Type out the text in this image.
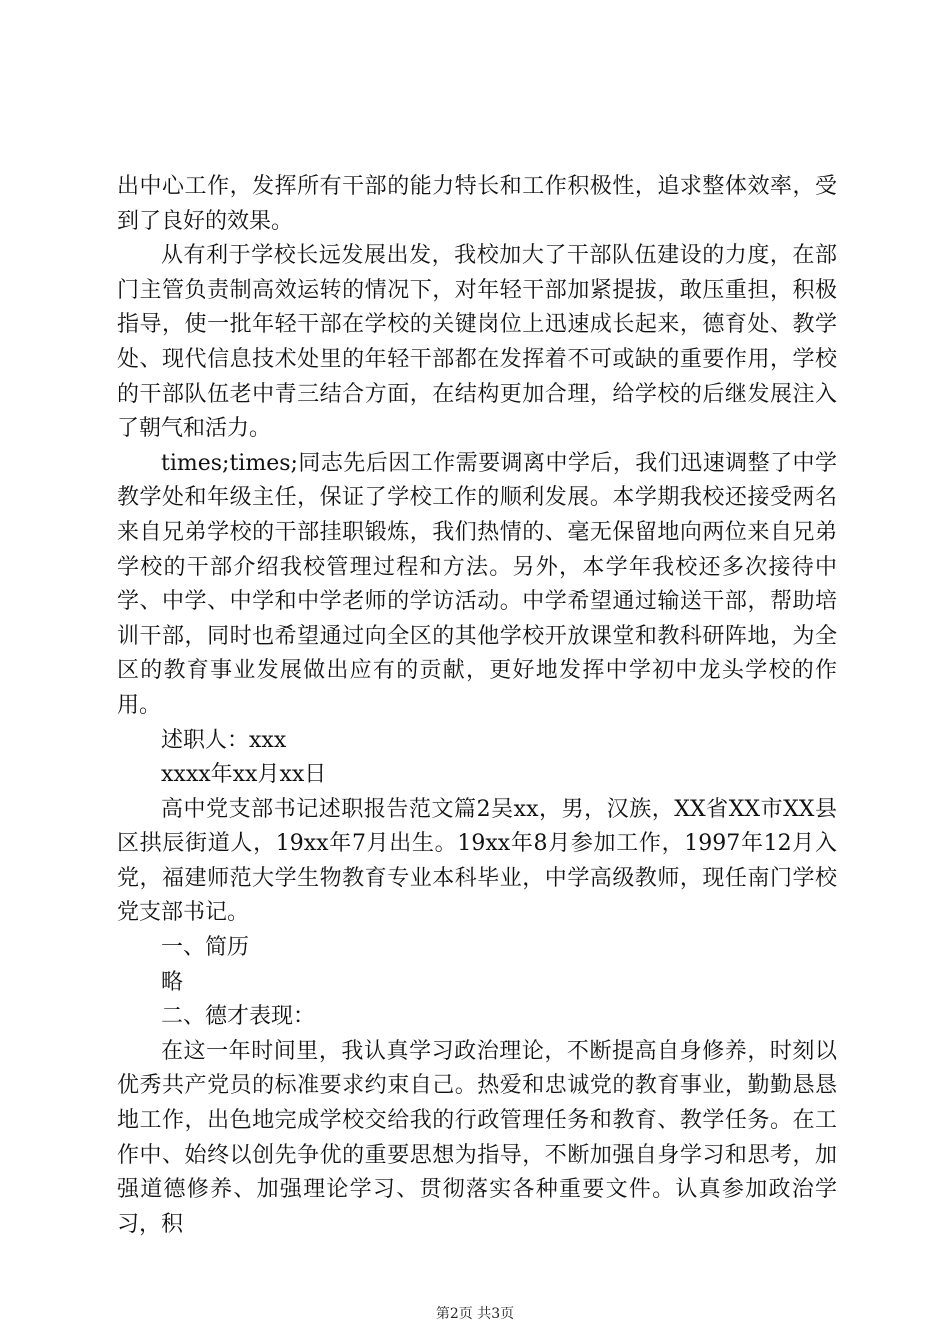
出中心工作，发挥所有干部的能力特长和工作积极性，追求整体效率，受到了良好的效果。

从有利于学校长远发展出发，我校加大了干部队伍建设的力度，在部门主管负责制高效运转的情况下，对年轻干部加紧提拔，敢压重担，积极指导，使一批年轻干部在学校的关键岗位上迅速成长起来，德育处、教学处、现代信息技术处里的年轻干部都在发挥着不可或缺的重要作用，学校的干部队伍老中青三结合方面，在结构更加合理，给学校的后继发展注入了朝气和活力。

times;times;同志先后因工作需要调离中学后，我们迅速调整了中学教学处和年级主任，保证了学校工作的顺利发展。本学期我校还接受两名来自兄弟学校的干部挂职锻炼，我们热情的、毫无保留地向两位来自兄弟学校的干部介绍我校管理过程和方法。另外，本学年我校还多次接待中学、中学、中学和中学老师的学访活动。中学希望通过输送干部，帮助培训干部，同时也希望通过向全区的其他学校开放课堂和教科研阵地，为全区的教育事业发展做出应有的贡献，更好地发挥中学初中龙头学校的作用。

述职人：xxx

xxxx年xx月xx日

高中党支部书记述职报告范文篇2吴xx，男，汉族，XX省XX市XX县区拱辰街道人，19xx年7月出生。19xx年8月参加工作，1997年12月入党，福建师范大学生物教育专业本科毕业，中学高级教师，现任南门学校党支部书记。

一、简历

略

二、德才表现：

在这一年时间里，我认真学习政治理论，不断提高自身修养，时刻以优秀共产党员的标准要求约束自己。热爱和忠诚党的教育事业，勤勤恳恳地工作，出色地完成学校交给我的行政管理任务和教育、教学任务。在工作中、始终以创先争优的重要思想为指导，不断加强自身学习和思考，加强道德修养、加强理论学习、贯彻落实各种重要文件。认真参加政治学习，积

第2页 共3页
